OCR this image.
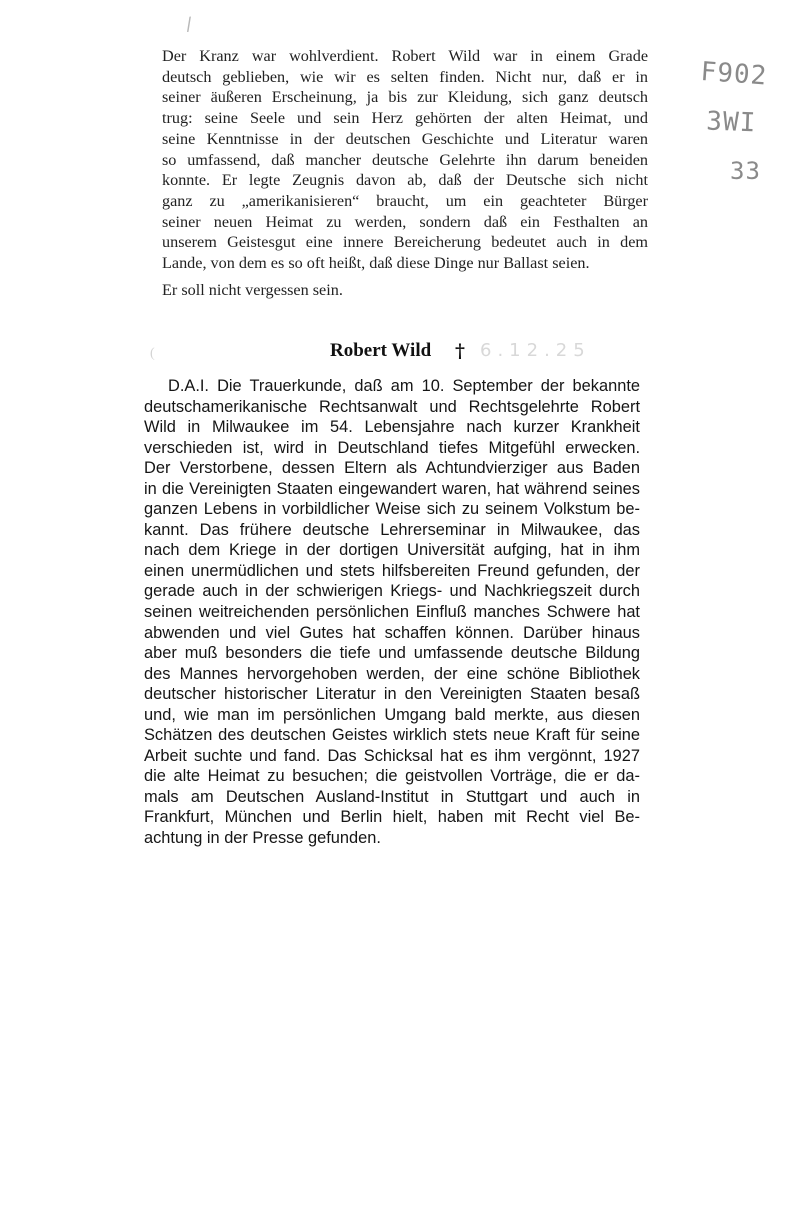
/
F902
3WI
33

Der Kranz war wohlverdient. Robert Wild war in einem Grade
deutsch geblieben, wie wir es selten finden. Nicht nur, daß er in
seiner äußeren Erscheinung, ja bis zur Kleidung, sich ganz deutsch
trug: seine Seele und sein Herz gehörten der alten Heimat, und
seine Kenntnisse in der deutschen Geschichte und Literatur waren
so umfassend, daß mancher deutsche Gelehrte ihn darum beneiden
konnte. Er legte Zeugnis davon ab, daß der Deutsche sich nicht
ganz zu „amerikanisieren“ braucht, um ein geachteter Bürger
seiner neuen Heimat zu werden, sondern daß ein Festhalten an
unserem Geistesgut eine innere Bereicherung bedeutet auch in dem
Lande, von dem es so oft heißt, daß diese Dinge nur Ballast seien.

Er soll nicht vergessen sein.

(	Robert Wild † 6.12.25
D.A.I. Die Trauerkunde, daß am 10. September der bekannte
deutschamerikanische Rechtsanwalt und Rechtsgelehrte Robert
Wild in Milwaukee im 54. Lebensjahre nach kurzer Krankheit
verschieden ist, wird in Deutschland tiefes Mitgefühl erwecken.
Der Verstorbene, dessen Eltern als Achtundvierziger aus Baden
in die Vereinigten Staaten eingewandert waren, hat während seines
ganzen Lebens in vorbildlicher Weise sich zu seinem Volkstum be-
kannt. Das frühere deutsche Lehrerseminar in Milwaukee, das
nach dem Kriege in der dortigen Universität aufging, hat in ihm
einen unermüdlichen und stets hilfsbereiten Freund gefunden, der
gerade auch in der schwierigen Kriegs- und Nachkriegszeit durch
seinen weitreichenden persönlichen Einfluß manches Schwere hat
abwenden und viel Gutes hat schaffen können. Darüber hinaus
aber muß besonders die tiefe und umfassende deutsche Bildung
des Mannes hervorgehoben werden, der eine schöne Bibliothek
deutscher historischer Literatur in den Vereinigten Staaten besaß
und, wie man im persönlichen Umgang bald merkte, aus diesen
Schätzen des deutschen Geistes wirklich stets neue Kraft für seine
Arbeit suchte und fand. Das Schicksal hat es ihm vergönnt, 1927
die alte Heimat zu besuchen; die geistvollen Vorträge, die er da-
mals am Deutschen Ausland-Institut in Stuttgart und auch in
Frankfurt, München und Berlin hielt, haben mit Recht viel Be-
achtung in der Presse gefunden.
